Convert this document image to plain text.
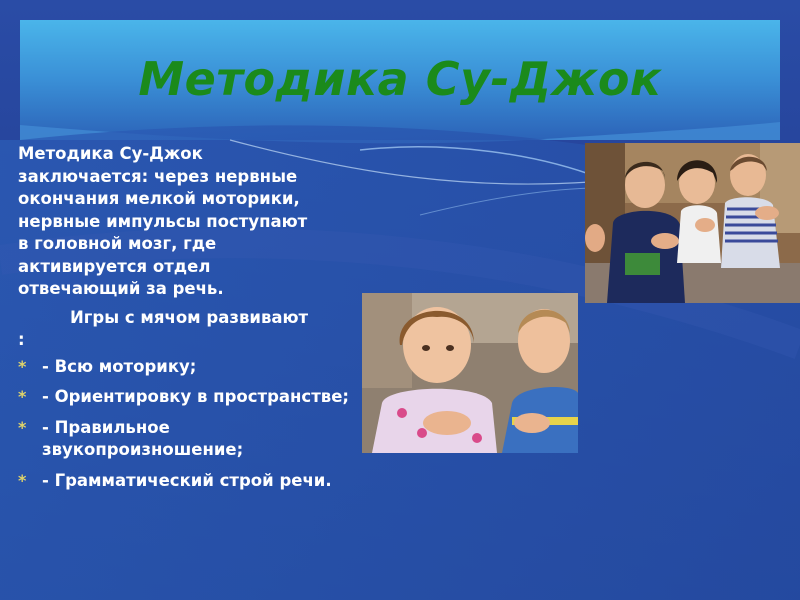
Методика Су-Джок

Методика Су-Джок
заключается: через нервные
окончания мелкой моторики,
нервные импульсы поступают
в головной мозг, где
активируется отдел
отвечающий за речь.

Игры с мячом развивают

:

* - Всю моторику;
* - Ориентировку в пространстве;
* - Правильное звукопроизношение;
* - Грамматический строй речи.
